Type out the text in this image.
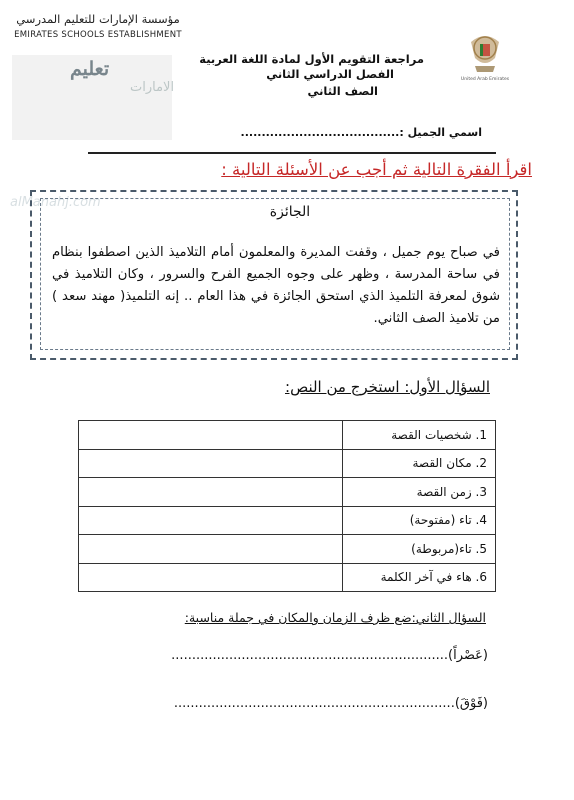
مؤسسة الإمارات للتعليم المدرسي
EMIRATES SCHOOLS ESTABLISHMENT
تعليم
الامارات
alManahj.com
مراجعة التقويم الأول لمادة اللغة العربية
الفصل الدراسي الثاني
الصف الثاني
United Arab Emirates
اسمي الجميل :......................................
اقرأ الفقرة التالية ثم أجب عن الأسئلة التالية :
الجائزة
في صباح يوم جميل ، وقفت المديرة والمعلمون أمام التلاميذ الذين اصطفوا بنظام في ساحة المدرسة ، وظهر على وجوه الجميع الفرح والسرور ، وكان التلاميذ في شوق لمعرفة التلميذ الذي استحق الجائزة في هذا العام .. إنه التلميذ( مهند سعد ) من تلاميذ الصف الثاني.
السؤال الأول: استخرج من النص:
1. شخصيات القصة	
2. مكان القصة	
3. زمن القصة	
4. تاء (مفتوحة)	
5. تاء(مربوطة)	
6. هاء في آخر الكلمة	
السؤال الثاني:ضع ظرف الزمان والمكان في جملة مناسبة:
(عَصْراً)...................................................................
(فَوْقَ)....................................................................
